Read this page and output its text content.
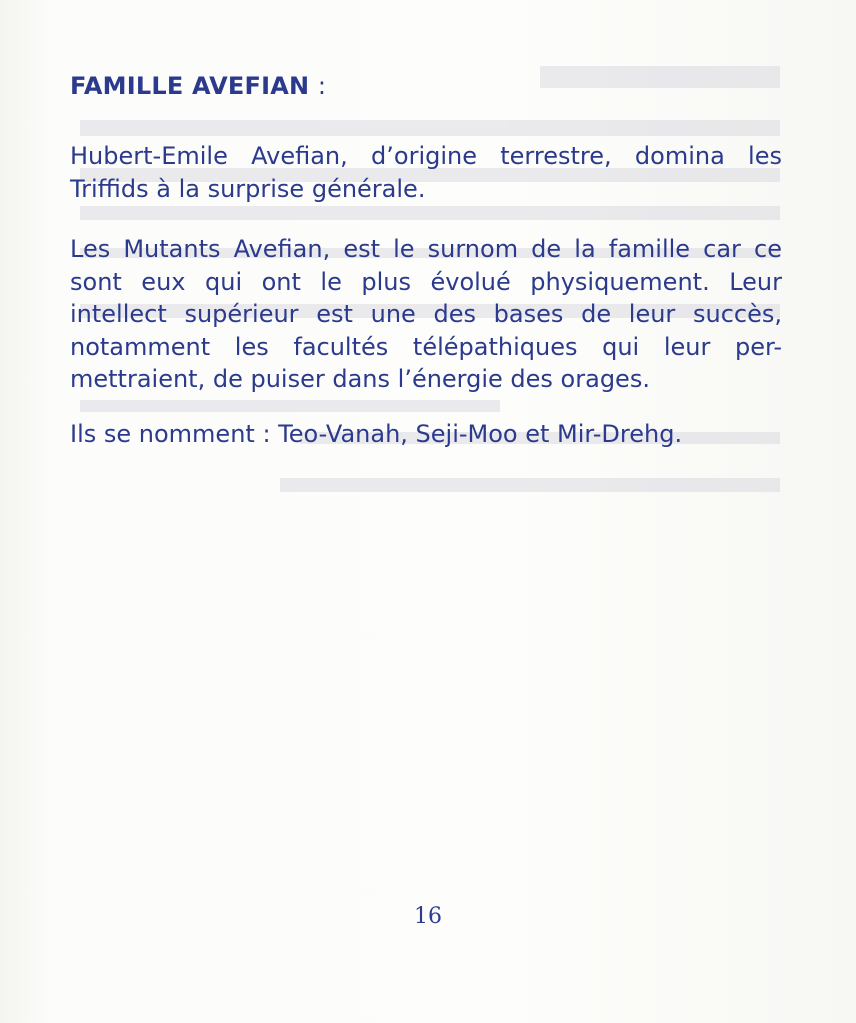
FAMILLE AVEFIAN :

Hubert-Emile Avefian, d’origine terrestre, domina les
Triffids à la surprise générale.

Les Mutants Avefian, est le surnom de la famille car ce
sont eux qui ont le plus évolué physiquement. Leur
intellect supérieur est une des bases de leur succès,
notamment les facultés télépathiques qui leur per-
mettraient, de puiser dans l’énergie des orages.

Ils se nomment : Teo-Vanah, Seji-Moo et Mir-Drehg.

16
